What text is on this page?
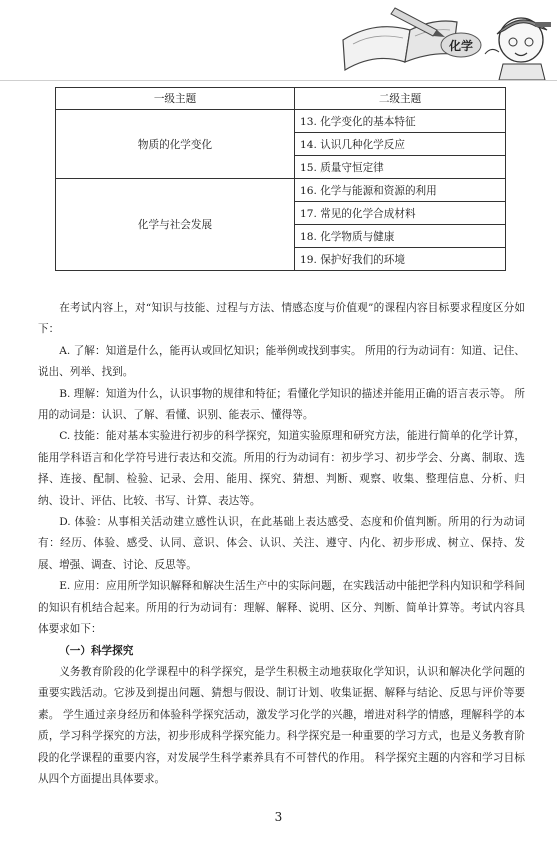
化学
一级主题	二级主题
物质的化学变化	13. 化学变化的基本特征
	14. 认识几种化学反应
	15. 质量守恒定律
化学与社会发展	16. 化学与能源和资源的利用
	17. 常见的化学合成材料
	18. 化学物质与健康
	19. 保护好我们的环境

在考试内容上，对“知识与技能、过程与方法、情感态度与价值观”的课程内容目标要求程度区分如下：

A. 了解：知道是什么，能再认或回忆知识；能举例或找到事实。 所用的行为动词有：知道、记住、说出、列举、找到。

B. 理解：知道为什么，认识事物的规律和特征；看懂化学知识的描述并能用正确的语言表示等。 所用的动词是：认识、了解、看懂、识别、能表示、懂得等。

C. 技能：能对基本实验进行初步的科学探究，知道实验原理和研究方法，能进行简单的化学计算，能用学科语言和化学符号进行表达和交流。所用的行为动词有：初步学习、初步学会、分离、制取、选择、连接、配制、检验、记录、会用、能用、探究、猜想、判断、观察、收集、整理信息、分析、归纳、设计、评估、比较、书写、计算、表达等。

D. 体验：从事相关活动建立感性认识，在此基础上表达感受、态度和价值判断。所用的行为动词有：经历、体验、感受、认同、意识、体会、认识、关注、遵守、内化、初步形成、树立、保持、发展、增强、调查、讨论、反思等。

E. 应用：应用所学知识解释和解决生活生产中的实际问题，在实践活动中能把学科内知识和学科间的知识有机结合起来。所用的行为动词有：理解、解释、说明、区分、判断、简单计算等。考试内容具体要求如下：

（一）科学探究

义务教育阶段的化学课程中的科学探究，是学生积极主动地获取化学知识，认识和解决化学问题的重要实践活动。它涉及到提出问题、猜想与假设、制订计划、收集证据、解释与结论、反思与评价等要素。 学生通过亲身经历和体验科学探究活动，激发学习化学的兴趣，增进对科学的情感，理解科学的本质，学习科学探究的方法，初步形成科学探究能力。科学探究是一种重要的学习方式，也是义务教育阶段的化学课程的重要内容，对发展学生科学素养具有不可替代的作用。 科学探究主题的内容和学习目标从四个方面提出具体要求。

3
